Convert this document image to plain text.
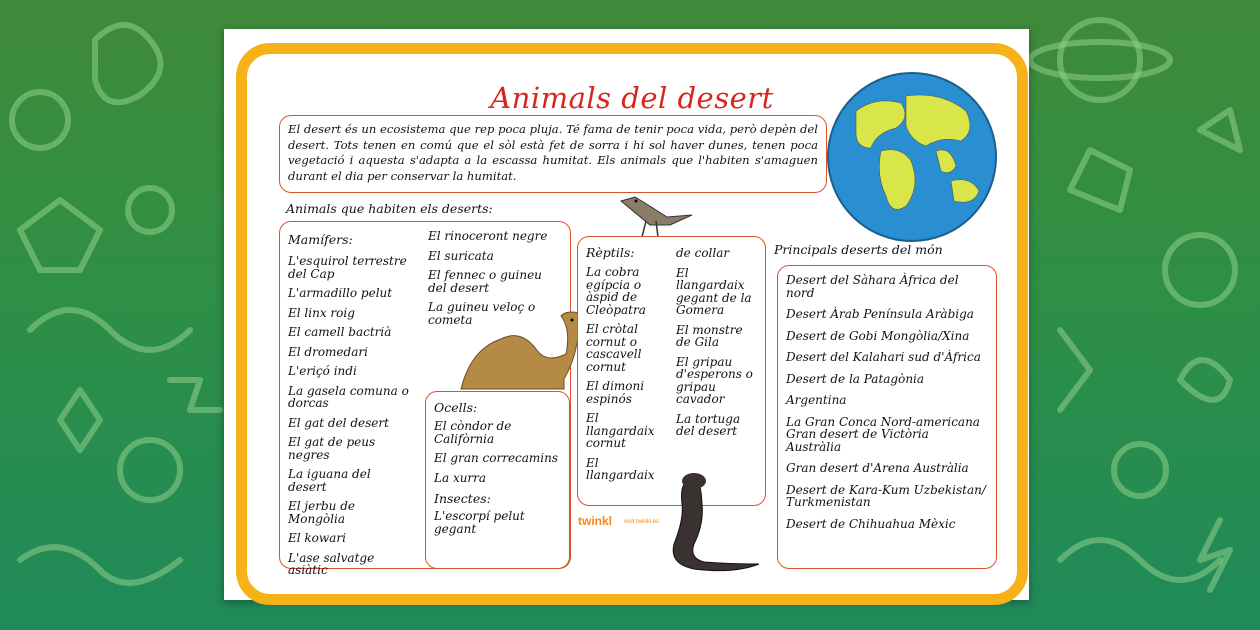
Animals del desert

El desert és un ecosistema que rep poca pluja. Té fama de tenir poca vida, però depèn del desert. Tots tenen en comú que el sòl està fet de sorra i hi sol haver dunes, tenen poca vegetació i aquesta s'adapta a la escassa humitat. Els animals que l'habiten s'amaguen durant el dia per conservar la humitat.

Animals que habiten els deserts:
Mamífers:
L'esquirol terrestre del Cap
L'armadillo pelut
El linx roig
El camell bactrià
El dromedari
L'eriçó indi
La gasela comuna o dorcas
El gat del desert
El gat de peus negres
La iguana del desert
El jerbu de Mongòlia
El kowari
L'ase salvatge asiàtic
El rinoceront negre
El suricata
El fennec o guineu del desert
La guineu veloç o cometa
Ocells:
El còndor de Califòrnia
El gran correcamins
La xurra
Insectes:
L'escorpí pelut gegant
Rèptils:
La cobra egípcia o àspid de Cleòpatra
El cròtal cornut o cascavell cornut
El dimoni espinós
El llangardaix cornut
El llangardaix
de collar
El llangardaix gegant de la Gomera
El monstre de Gila
El gripau d'esperons o gripau cavador
La tortuga del desert
twinkl visit twinkl.es
Principals deserts del món
Desert del Sàhara Àfrica del nord
Desert Àrab Península Aràbiga
Desert de Gobi Mongòlia/Xina
Desert del Kalahari sud d'Àfrica
Desert de la Patagònia
Argentina
La Gran Conca Nord-americana Gran desert de Victòria Austràlia
Gran desert d'Arena Austràlia
Desert de Kara-Kum Uzbekistan/ Turkmenistan
Desert de Chihuahua Mèxic
